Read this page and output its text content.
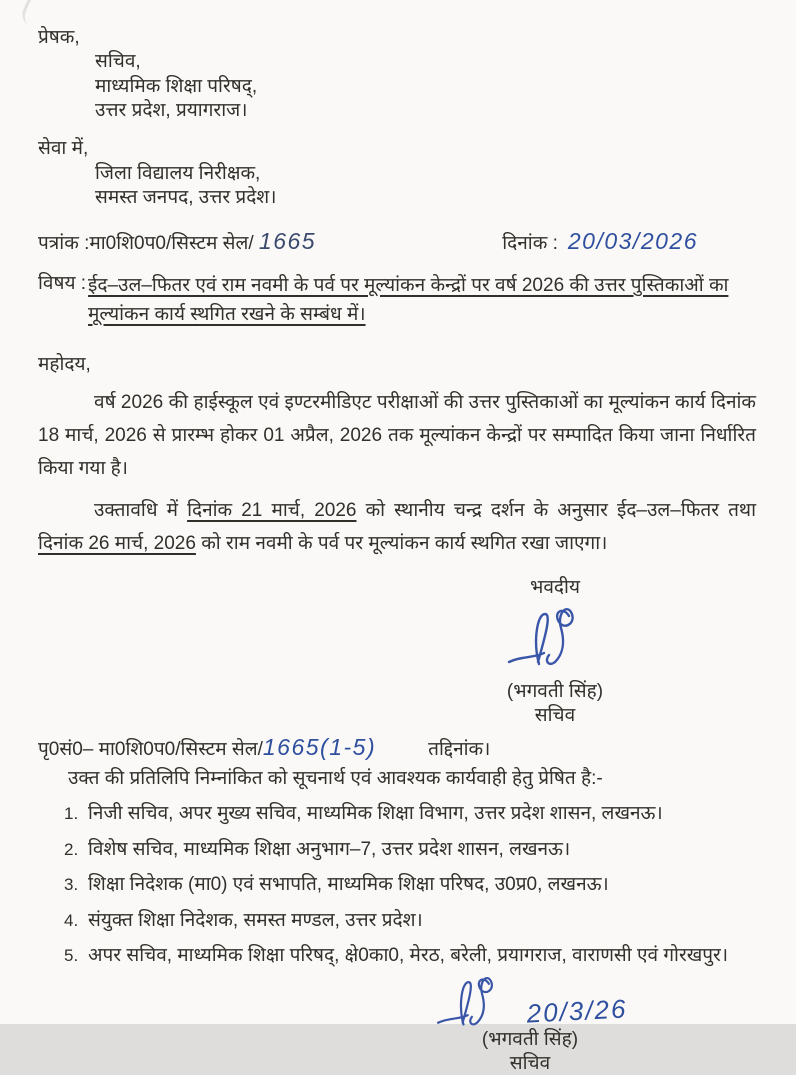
प्रेषक,
सचिव,
माध्यमिक शिक्षा परिषद्,
उत्तर प्रदेश, प्रयागराज।
सेवा में,
जिला विद्यालय निरीक्षक,
समस्त जनपद, उत्तर प्रदेश।
पत्रांक :मा0शि0प0/सिस्टम सेल/ 1665	दिनांक : 20/03/2026
विषय : ईद–उल–फितर एवं राम नवमी के पर्व पर मूल्यांकन केन्द्रों पर वर्ष 2026 की उत्तर पुस्तिकाओं का मूल्यांकन कार्य स्थगित रखने के सम्बंध में।
महोदय,
वर्ष 2026 की हाईस्कूल एवं इण्टरमीडिएट परीक्षाओं की उत्तर पुस्तिकाओं का मूल्यांकन कार्य दिनांक 18 मार्च, 2026 से प्रारम्भ होकर 01 अप्रैल, 2026 तक मूल्यांकन केन्द्रों पर सम्पादित किया जाना निर्धारित किया गया है।
उक्तावधि में दिनांक 21 मार्च, 2026 को स्थानीय चन्द्र दर्शन के अनुसार ईद–उल–फितर तथा दिनांक 26 मार्च, 2026 को राम नवमी के पर्व पर मूल्यांकन कार्य स्थगित रखा जाएगा।
भवदीय
(भगवती सिंह)
सचिव
पृ0सं0– मा0शि0प0/सिस्टम सेल/ 1665(1-5)	तद्दिनांक।
उक्त की प्रतिलिपि निम्नांकित को सूचनार्थ एवं आवश्यक कार्यवाही हेतु प्रेषित है:-
1. निजी सचिव, अपर मुख्य सचिव, माध्यमिक शिक्षा विभाग, उत्तर प्रदेश शासन, लखनऊ।
2. विशेष सचिव, माध्यमिक शिक्षा अनुभाग–7, उत्तर प्रदेश शासन, लखनऊ।
3. शिक्षा निदेशक (मा0) एवं सभापति, माध्यमिक शिक्षा परिषद, उ0प्र0, लखनऊ।
4. संयुक्त शिक्षा निदेशक, समस्त मण्डल, उत्तर प्रदेश।
5. अपर सचिव, माध्यमिक शिक्षा परिषद्, क्षे0का0, मेरठ, बरेली, प्रयागराज, वाराणसी एवं गोरखपुर।
20/3/26
(भगवती सिंह)
सचिव
